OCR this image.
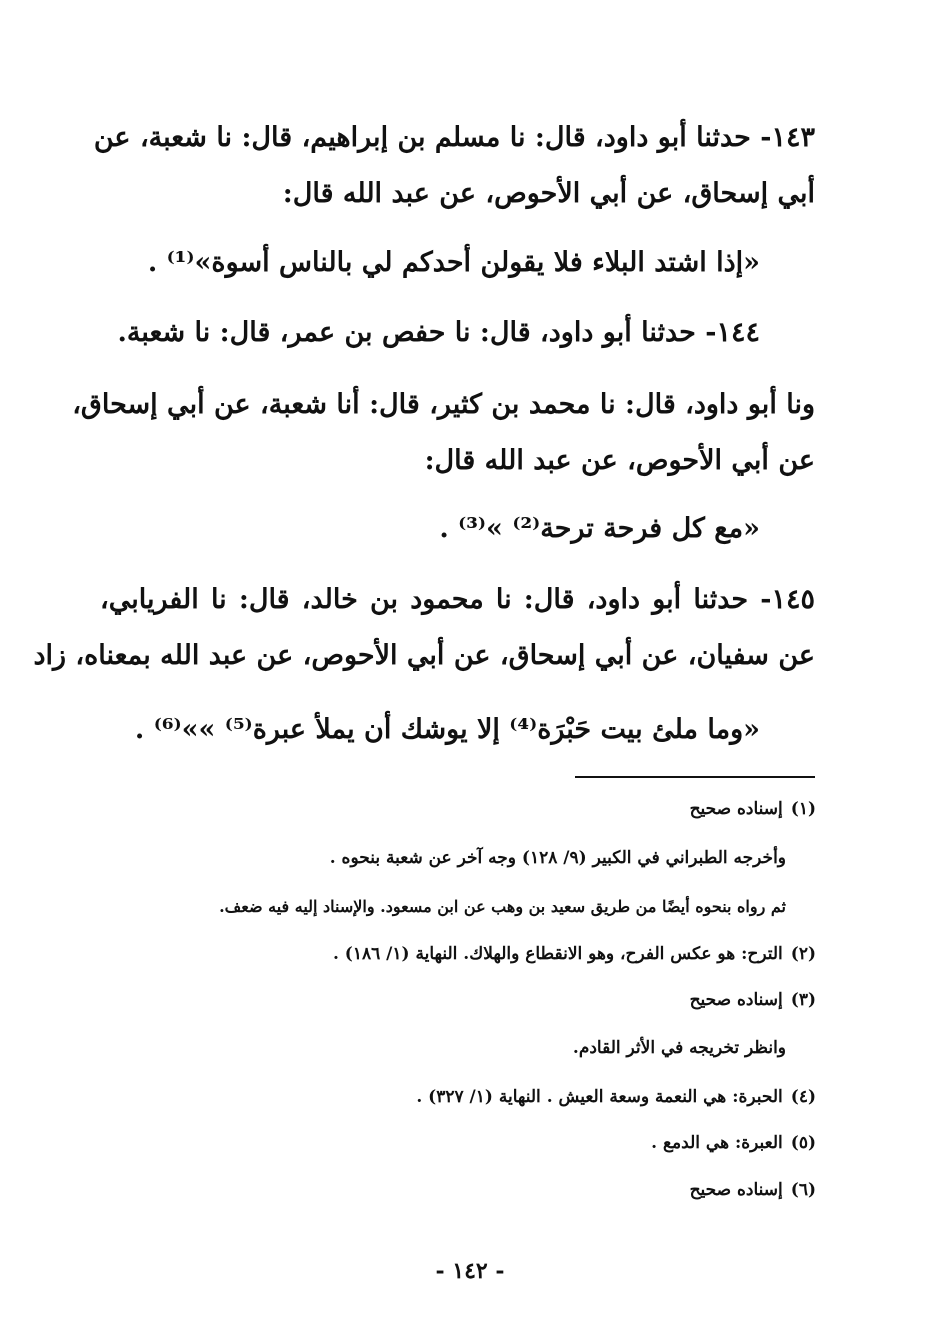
١٤٣- حدثنا أبو داود، قال: نا مسلم بن إبراهيم، قال: نا شعبة، عن
أبي إسحاق، عن أبي الأحوص، عن عبد الله قال:
«إذا اشتد البلاء فلا يقولن أحدكم لي بالناس أسوة»⁽¹⁾ .
١٤٤- حدثنا أبو داود، قال: نا حفص بن عمر، قال: نا شعبة.
ونا أبو داود، قال: نا محمد بن كثير، قال: أنا شعبة، عن أبي إسحاق،
عن أبي الأحوص، عن عبد الله قال:
«مع كل فرحة ترحة⁽²⁾ »⁽³⁾ .
١٤٥- حدثنا أبو داود، قال: نا محمود بن خالد، قال: نا الفريابي،
عن سفيان، عن أبي إسحاق، عن أبي الأحوص، عن عبد الله بمعناه، زاد
«وما ملئ بيت حَبْرَة⁽⁴⁾ إلا يوشك أن يملأ عبرة⁽⁵⁾ »»⁽⁶⁾ .
(١)إسناده صحيح
وأخرجه الطبراني في الكبير (٩/ ١٢٨) وجه آخر عن شعبة بنحوه .
ثم رواه بنحوه أيضًا من طريق سعيد بن وهب عن ابن مسعود. والإسناد إليه فيه ضعف.
(٢)الترح: هو عكس الفرح، وهو الانقطاع والهلاك. النهاية (١/ ١٨٦) .
(٣)إسناده صحيح
وانظر تخريجه في الأثر القادم.
(٤)الحبرة: هي النعمة وسعة العيش . النهاية (١/ ٣٢٧) .
(٥)العبرة: هي الدمع .
(٦)إسناده صحيح
- ١٤٢ -
